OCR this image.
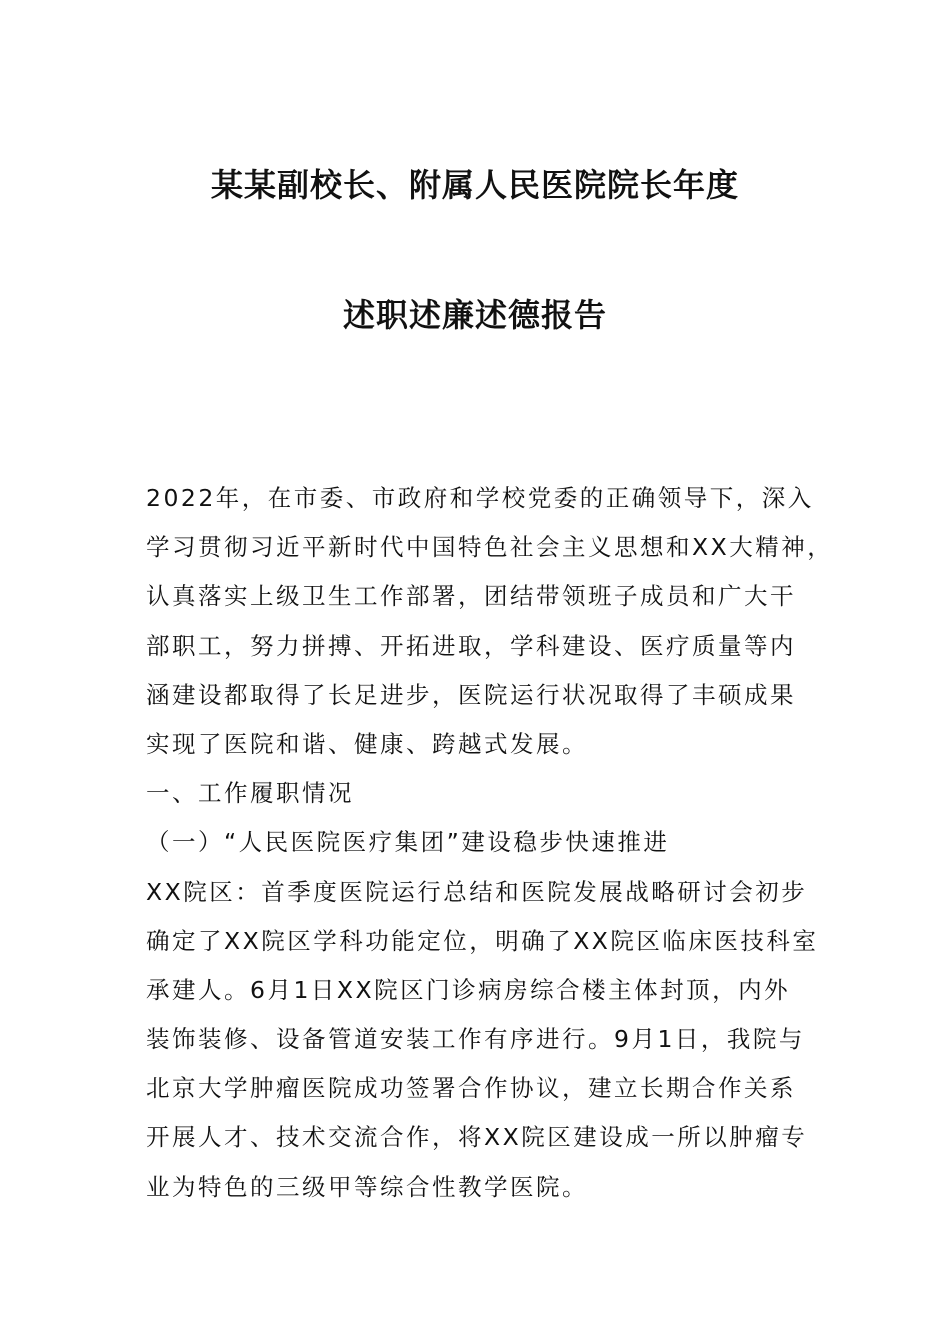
某某副校长、附属人民医院院长年度
述职述廉述德报告
2022年，在市委、市政府和学校党委的正确领导下，深入
学习贯彻习近平新时代中国特色社会主义思想和XX大精神，
认真落实上级卫生工作部署，团结带领班子成员和广大干
部职工，努力拼搏、开拓进取，学科建设、医疗质量等内
涵建设都取得了长足进步，医院运行状况取得了丰硕成果
实现了医院和谐、健康、跨越式发展。
一、工作履职情况
（一）“人民医院医疗集团”建设稳步快速推进
XX院区：首季度医院运行总结和医院发展战略研讨会初步
确定了XX院区学科功能定位，明确了XX院区临床医技科室
承建人。6月1日XX院区门诊病房综合楼主体封顶，内外
装饰装修、设备管道安装工作有序进行。9月1日，我院与
北京大学肿瘤医院成功签署合作协议，建立长期合作关系
开展人才、技术交流合作，将XX院区建设成一所以肿瘤专
业为特色的三级甲等综合性教学医院。
